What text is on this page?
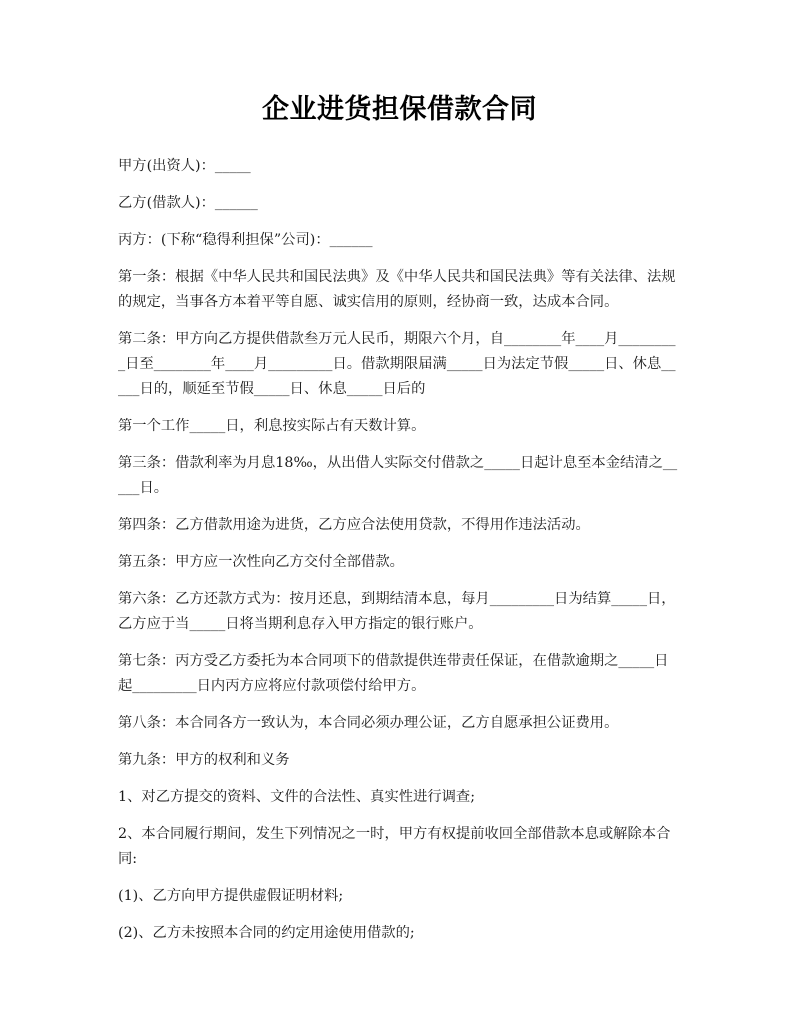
企业进货担保借款合同

甲方(出资人)：_____

乙方(借款人)：______

丙方：(下称“稳得利担保”公司)：______

第一条：根据《中华人民共和国民法典》及《中华人民共和国民法典》等有关法律、法规的规定，当事各方本着平等自愿、诚实信用的原则，经协商一致，达成本合同。

第二条：甲方向乙方提供借款叁万元人民币，期限六个月，自________年____月_________日至________年____月_________日。借款期限届满_____日为法定节假_____日、休息_____日的，顺延至节假_____日、休息_____日后的

第一个工作_____日，利息按实际占有天数计算。

第三条：借款利率为月息18‰，从出借人实际交付借款之_____日起计息至本金结清之_____日。

第四条：乙方借款用途为进货，乙方应合法使用贷款，不得用作违法活动。

第五条：甲方应一次性向乙方交付全部借款。

第六条：乙方还款方式为：按月还息，到期结清本息，每月_________日为结算_____日，乙方应于当_____日将当期利息存入甲方指定的银行账户。

第七条：丙方受乙方委托为本合同项下的借款提供连带责任保证，在借款逾期之_____日起_________日内丙方应将应付款项偿付给甲方。

第八条：本合同各方一致认为，本合同必须办理公证，乙方自愿承担公证费用。

第九条：甲方的权利和义务

1、对乙方提交的资料、文件的合法性、真实性进行调查;

2、本合同履行期间，发生下列情况之一时，甲方有权提前收回全部借款本息或解除本合同:

(1)、乙方向甲方提供虚假证明材料;

(2)、乙方未按照本合同的约定用途使用借款的;
